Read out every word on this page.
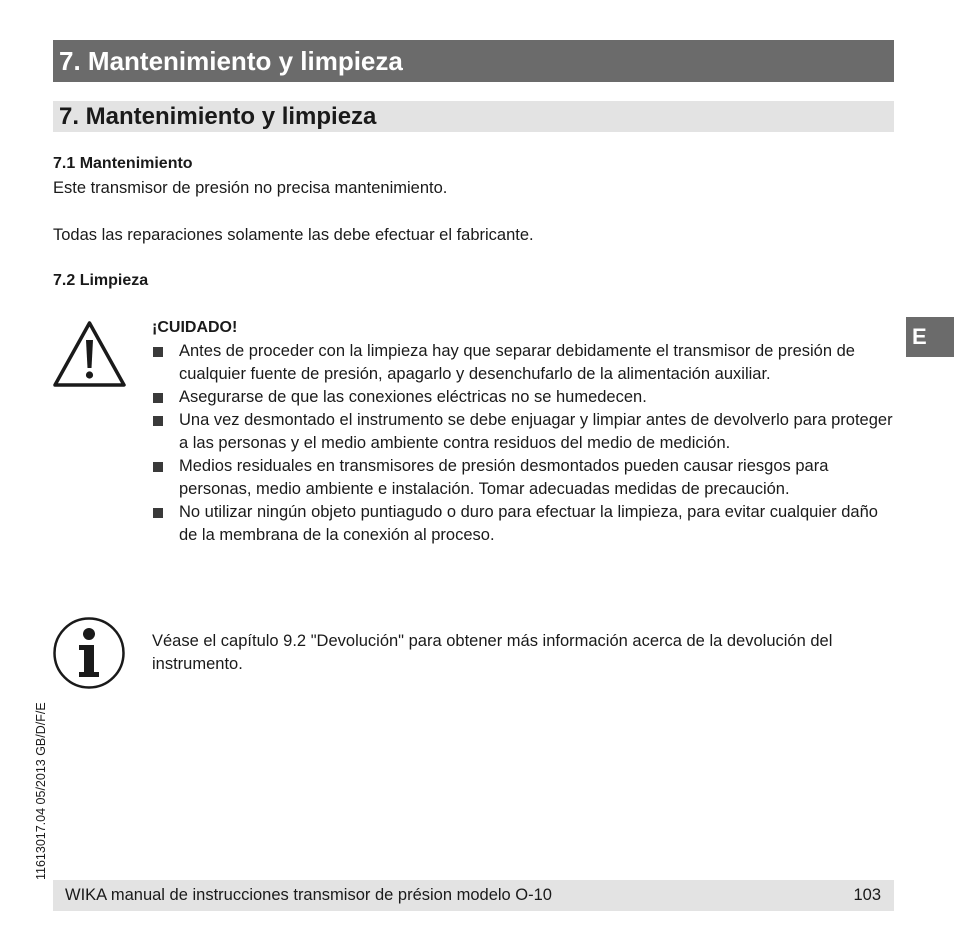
7. Mantenimiento y limpieza
7. Mantenimiento y limpieza
7.1 Mantenimiento
Este transmisor de presión no precisa mantenimiento.
Todas las reparaciones solamente las debe efectuar el fabricante.
7.2 Limpieza
¡CUIDADO!
Antes de proceder con la limpieza hay que separar debidamente el transmisor de presión de cualquier fuente de presión, apagarlo y desenchufarlo de la alimentación auxiliar.
Asegurarse de que las conexiones eléctricas no se humedecen.
Una vez desmontado el instrumento se debe enjuagar y limpiar antes de devolverlo para proteger a las personas y el medio ambiente contra residuos del medio de medición.
Medios residuales en transmisores de presión desmontados pueden causar riesgos para personas, medio ambiente e instalación. Tomar adecuadas medidas de precaución.
No utilizar ningún objeto puntiagudo o duro para efectuar la limpieza, para evitar cualquier daño de la membrana de la conexión al proceso.
Véase el capítulo 9.2 "Devolución" para obtener más información acerca de la devolución del instrumento.
E
11613017.04 05/2013 GB/D/F/E
WIKA manual de instrucciones transmisor de présion modelo O-10	103
